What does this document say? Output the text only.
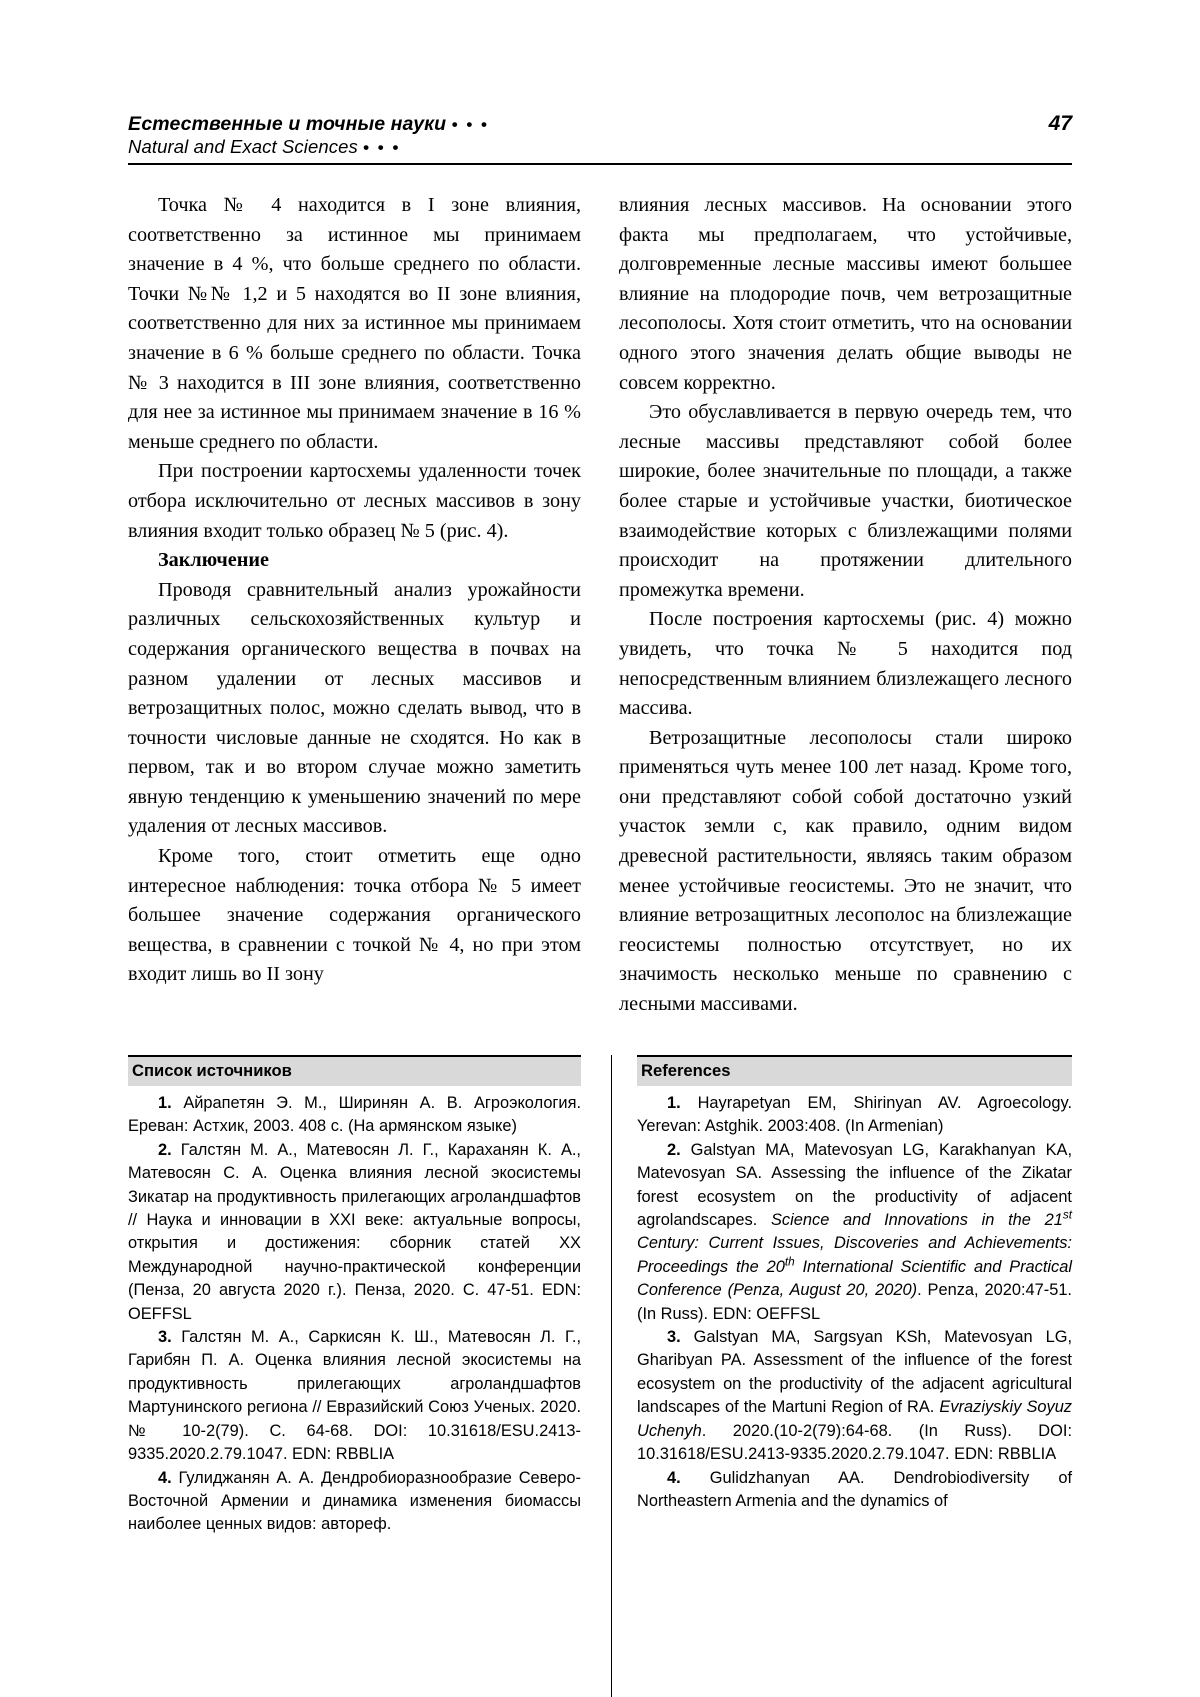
Естественные и точные науки • • •	47
Natural and Exact Sciences • • •

Точка № 4 находится в I зоне влияния, соответственно за истинное мы принимаем значение в 4 %, что больше среднего по области. Точки №№ 1,2 и 5 находятся во II зоне влияния, соответственно для них за истинное мы принимаем значение в 6 % больше среднего по области. Точка № 3 находится в III зоне влияния, соответственно для нее за истинное мы принимаем значение в 16 % меньше среднего по области.

При построении картосхемы удаленности точек отбора исключительно от лесных массивов в зону влияния входит только образец № 5 (рис. 4).

Заключение

Проводя сравнительный анализ урожайности различных сельскохозяйственных культур и содержания органического вещества в почвах на разном удалении от лесных массивов и ветрозащитных полос, можно сделать вывод, что в точности числовые данные не сходятся. Но как в первом, так и во втором случае можно заметить явную тенденцию к уменьшению значений по мере удаления от лесных массивов.

Кроме того, стоит отметить еще одно интересное наблюдения: точка отбора № 5 имеет большее значение содержания органического вещества, в сравнении с точкой № 4, но при этом входит лишь во II зону

влияния лесных массивов. На основании этого факта мы предполагаем, что устойчивые, долговременные лесные массивы имеют большее влияние на плодородие почв, чем ветрозащитные лесополосы. Хотя стоит отметить, что на основании одного этого значения делать общие выводы не совсем корректно.

Это обуславливается в первую очередь тем, что лесные массивы представляют собой более широкие, более значительные по площади, а также более старые и устойчивые участки, биотическое взаимодействие которых с близлежащими полями происходит на протяжении длительного промежутка времени.

После построения картосхемы (рис. 4) можно увидеть, что точка № 5 находится под непосредственным влиянием близлежащего лесного массива.

Ветрозащитные лесополосы стали широко применяться чуть менее 100 лет назад. Кроме того, они представляют собой собой достаточно узкий участок земли с, как правило, одним видом древесной растительности, являясь таким образом менее устойчивые геосистемы. Это не значит, что влияние ветрозащитных лесополос на близлежащие геосистемы полностью отсутствует, но их значимость несколько меньше по сравнению с лесными массивами.

Список источников

1. Айрапетян Э. М., Ширинян А. В. Агроэкология. Ереван: Астхик, 2003. 408 с. (На армянском языке)

2. Галстян М. А., Матевосян Л. Г., Караханян К. А., Матевосян С. А. Оценка влияния лесной экосистемы Зикатар на продуктивность прилегающих агроландшафтов // Наука и инновации в XXI веке: актуальные вопросы, открытия и достижения: сборник статей XX Международной научно-практической конференции (Пенза, 20 августа 2020 г.). Пенза, 2020. С. 47-51. EDN: OEFFSL

3. Галстян М. А., Саркисян К. Ш., Матевосян Л. Г., Гарибян П. А. Оценка влияния лесной экосистемы на продуктивность прилегающих агроландшафтов Мартунинского региона // Евразийский Союз Ученых. 2020. № 10-2(79). С. 64-68. DOI: 10.31618/ESU.2413-9335.2020.2.79.1047. EDN: RBBLIA

4. Гулиджанян А. А. Дендробиоразнообразие Северо-Восточной Армении и динамика изменения биомассы наиболее ценных видов: автореф.

References

1. Hayrapetyan EM, Shirinyan AV. Agroecology. Yerevan: Astghik. 2003:408. (In Armenian)

2. Galstyan MA, Matevosyan LG, Karakhanyan KA, Matevosyan SA. Assessing the influence of the Zikatar forest ecosystem on the productivity of adjacent agrolandscapes. Science and Innovations in the 21st Century: Current Issues, Discoveries and Achievements: Proceedings the 20th International Scientific and Practical Conference (Penza, August 20, 2020). Penza, 2020:47-51. (In Russ). EDN: OEFFSL

3. Galstyan MA, Sargsyan KSh, Matevosyan LG, Gharibyan PA. Assessment of the influence of the forest ecosystem on the productivity of the adjacent agricultural landscapes of the Martuni Region of RA. Evraziyskiy Soyuz Uchenyh. 2020.(10-2(79):64-68. (In Russ). DOI: 10.31618/ESU.2413-9335.2020.2.79.1047. EDN: RBBLIA

4. Gulidzhanyan AA. Dendrobiodiversity of Northeastern Armenia and the dynamics of
